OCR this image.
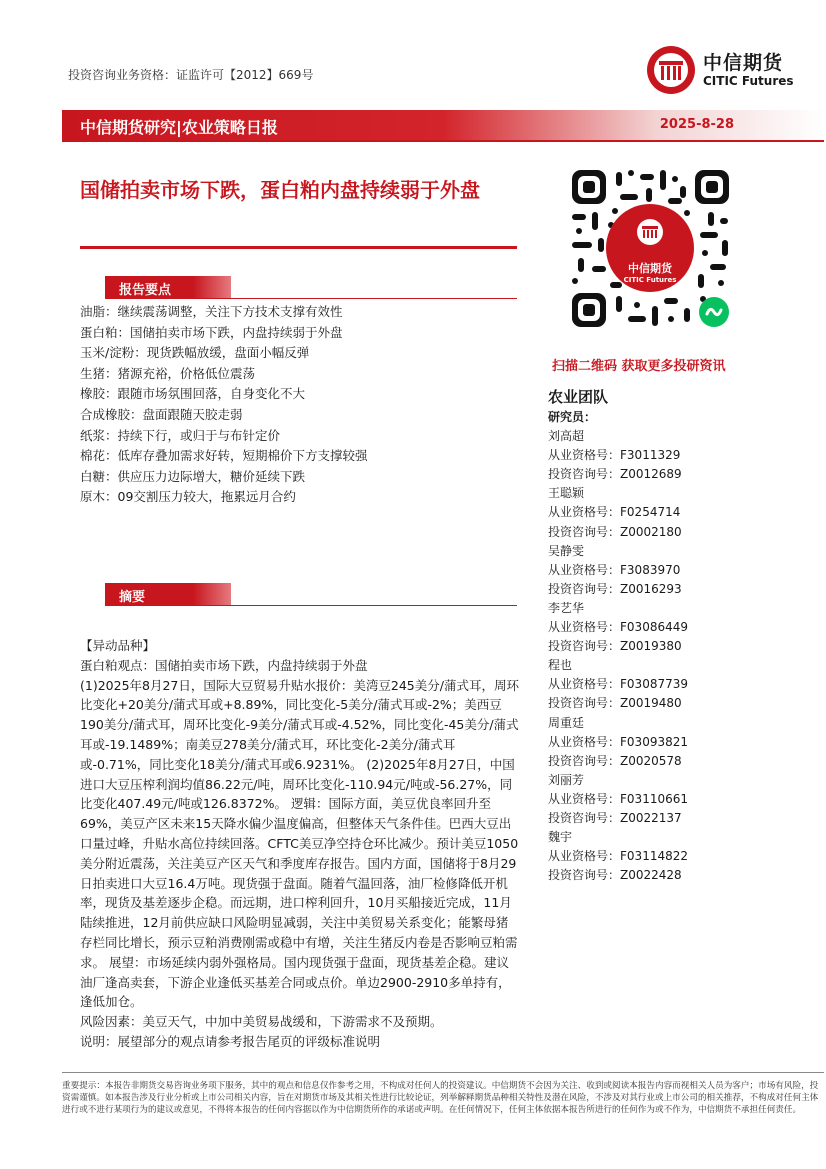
投资咨询业务资格：证监许可【2012】669号
中信期货
CITIC Futures
中信期货研究|农业策略日报	2025-8-28
国储拍卖市场下跌，蛋白粕内盘持续弱于外盘
报告要点
油脂：继续震荡调整，关注下方技术支撑有效性
蛋白粕：国储拍卖市场下跌，内盘持续弱于外盘
玉米/淀粉：现货跌幅放缓，盘面小幅反弹
生猪：猪源充裕，价格低位震荡
橡胶：跟随市场氛围回落，自身变化不大
合成橡胶：盘面跟随天胶走弱
纸浆：持续下行，或归于与布针定价
棉花：低库存叠加需求好转，短期棉价下方支撑较强
白糖：供应压力边际增大，糖价延续下跌
原木：09交割压力较大，拖累远月合约
摘要

【异动品种】

蛋白粕观点：国储拍卖市场下跌，内盘持续弱于外盘

(1)2025年8月27日，国际大豆贸易升贴水报价：美湾豆245美分/蒲式耳，周环比变化+20美分/蒲式耳或+8.89%，同比变化-5美分/蒲式耳或-2%；美西豆190美分/蒲式耳，周环比变化-9美分/蒲式耳或-4.52%，同比变化-45美分/蒲式耳或-19.1489%；南美豆278美分/蒲式耳，环比变化-2美分/蒲式耳或-0.71%，同比变化18美分/蒲式耳或6.9231%。 (2)2025年8月27日，中国进口大豆压榨利润均值86.22元/吨，周环比变化-110.94元/吨或-56.27%，同比变化407.49元/吨或126.8372%。 逻辑：国际方面，美豆优良率回升至69%，美豆产区未来15天降水偏少温度偏高，但整体天气条件佳。巴西大豆出口量过峰，升贴水高位持续回落。CFTC美豆净空持仓环比减少。预计美豆1050美分附近震荡，关注美豆产区天气和季度库存报告。国内方面，国储将于8月29日拍卖进口大豆16.4万吨。现货强于盘面。随着气温回落，油厂检修降低开机率，现货及基差逐步企稳。而远期，进口榨利回升，10月买船接近完成，11月陆续推进，12月前供应缺口风险明显减弱，关注中美贸易关系变化；能繁母猪存栏同比增长，预示豆粕消费刚需或稳中有增，关注生猪反内卷是否影响豆粕需求。 展望：市场延续内弱外强格局。国内现货强于盘面，现货基差企稳。建议油厂逢高卖套，下游企业逢低买基差合同或点价。单边2900-2910多单持有，逢低加仓。

风险因素：美豆天气，中加中美贸易战缓和，下游需求不及预期。

说明：展望部分的观点请参考报告尾页的评级标准说明

中信期货
CITIC Futures
扫描二维码 获取更多投研资讯
农业团队
研究员：
刘高超
从业资格号：F3011329
投资咨询号：Z0012689
王聪颖
从业资格号：F0254714
投资咨询号：Z0002180
吴静雯
从业资格号：F3083970
投资咨询号：Z0016293
李艺华
从业资格号：F03086449
投资咨询号：Z0019380
程也
从业资格号：F03087739
投资咨询号：Z0019480
周重廷
从业资格号：F03093821
投资咨询号：Z0020578
刘丽芳
从业资格号：F03110661
投资咨询号：Z0022137
魏宇
从业资格号：F03114822
投资咨询号：Z0022428
重要提示：本报告非期货交易咨询业务项下服务，其中的观点和信息仅作参考之用，不构成对任何人的投资建议。中信期货不会因为关注、收到或阅读本报告内容而视相关人员为客户；市场有风险，投资需谨慎。如本报告涉及行业分析或上市公司相关内容，旨在对期货市场及其相关性进行比较论证，列举解释期货品种相关特性及潜在风险，不涉及对其行业或上市公司的相关推荐，不构成对任何主体进行或不进行某项行为的建议或意见，不得将本报告的任何内容据以作为中信期货所作的承诺或声明。在任何情况下，任何主体依据本报告所进行的任何作为或不作为，中信期货不承担任何责任。
